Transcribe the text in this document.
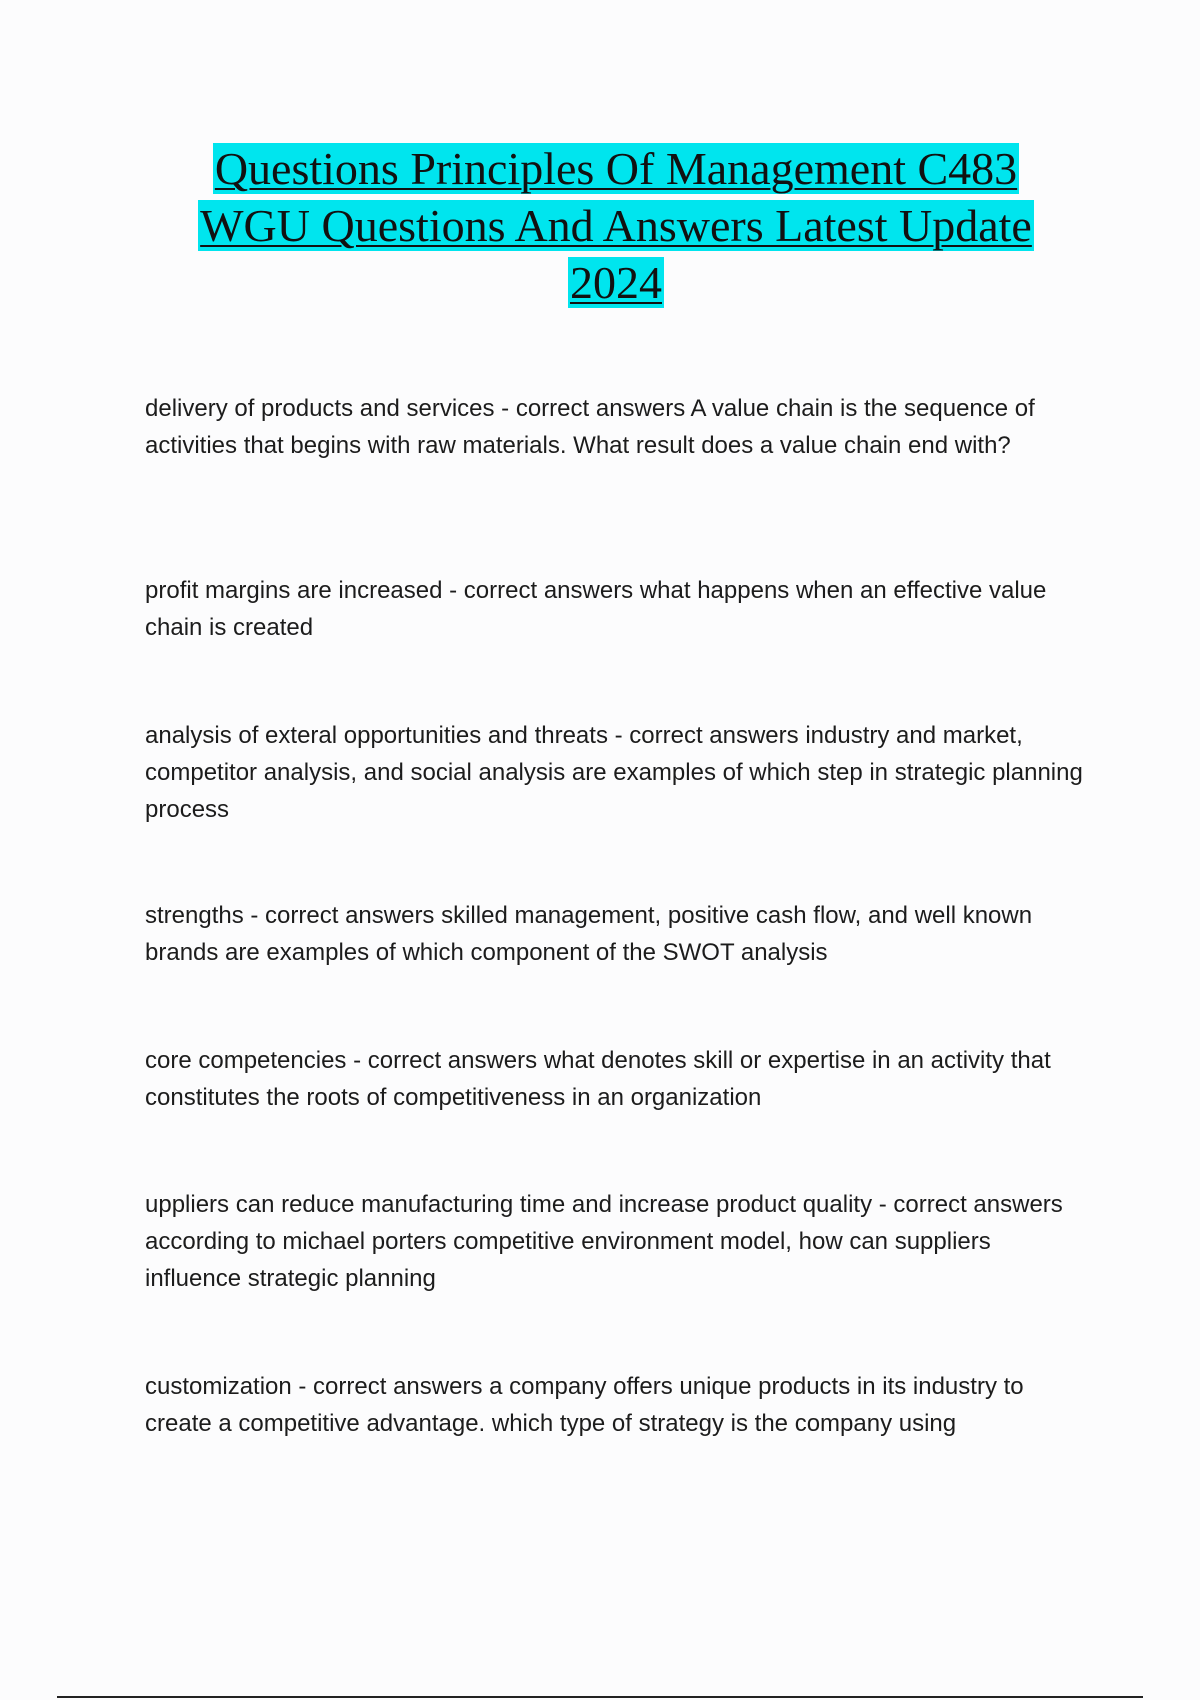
Questions Principles Of Management C483
WGU Questions And Answers Latest Update
2024

delivery of products and services - correct answers A value chain is the sequence of activities that begins with raw materials. What result does a value chain end with?

profit margins are increased - correct answers what happens when an effective value chain is created

analysis of exteral opportunities and threats - correct answers industry and market, competitor analysis, and social analysis are examples of which step in strategic planning process

strengths - correct answers skilled management, positive cash flow, and well known brands are examples of which component of the SWOT analysis

core competencies - correct answers what denotes skill or expertise in an activity that constitutes the roots of competitiveness in an organization

uppliers can reduce manufacturing time and increase product quality - correct answers according to michael porters competitive environment model, how can suppliers influence strategic planning

customization - correct answers a company offers unique products in its industry to create a competitive advantage. which type of strategy is the company using
